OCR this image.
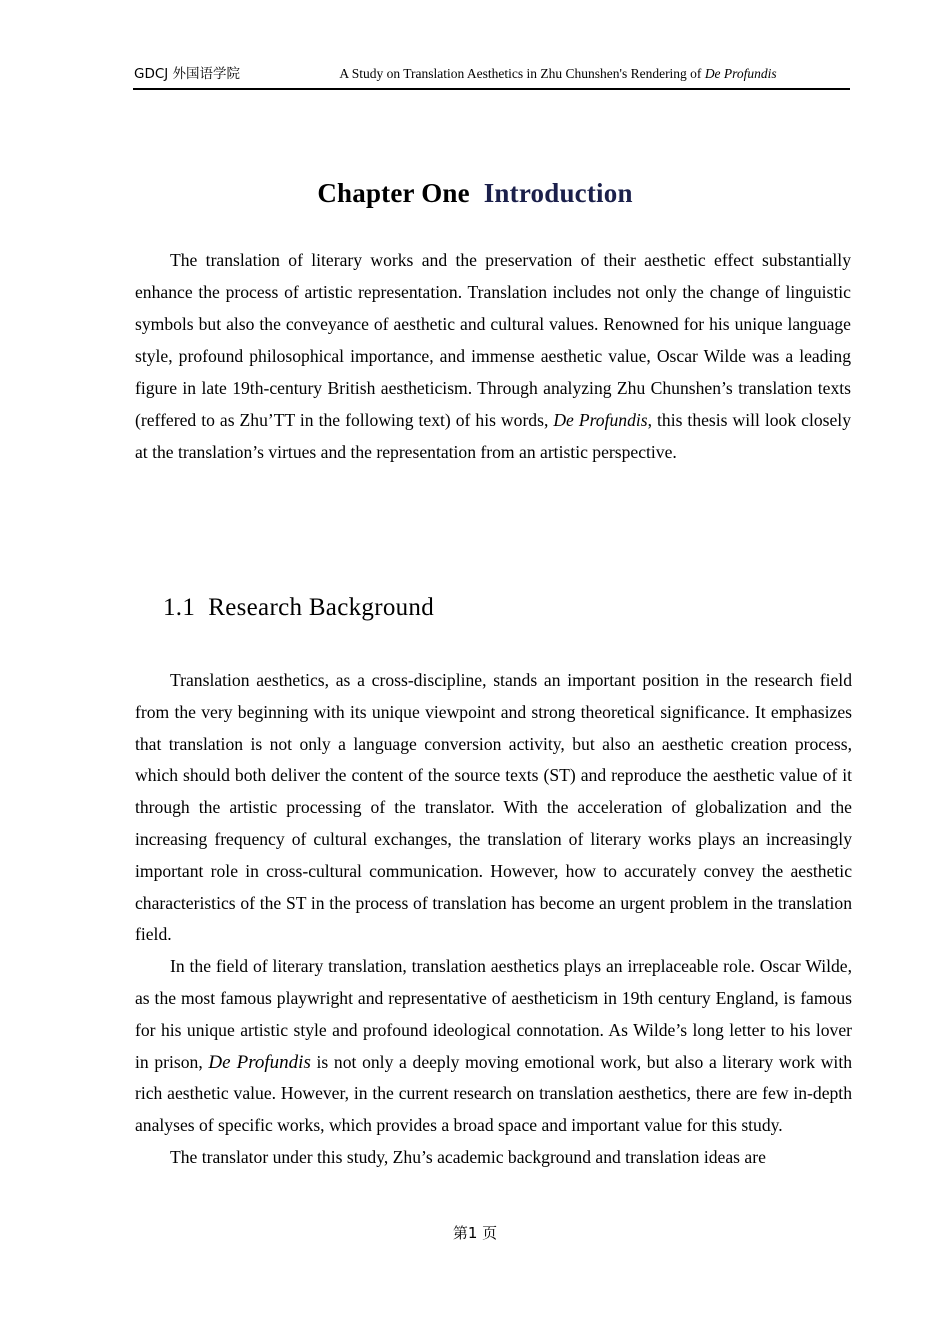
GDCJ 外国语学院	A Study on Translation Aesthetics in Zhu Chunshen's Rendering of De Profundis
Chapter One Introduction

The translation of literary works and the preservation of their aesthetic effect substantially enhance the process of artistic representation. Translation includes not only the change of linguistic symbols but also the conveyance of aesthetic and cultural values. Renowned for his unique language style, profound philosophical importance, and immense aesthetic value, Oscar Wilde was a leading figure in late 19th-century British aestheticism. Through analyzing Zhu Chunshen’s translation texts (reffered to as Zhu’TT in the following text) of his words, De Profundis, this thesis will look closely at the translation’s virtues and the representation from an artistic perspective.

1.1 Research Background

Translation aesthetics, as a cross-discipline, stands an important position in the research field from the very beginning with its unique viewpoint and strong theoretical significance. It emphasizes that translation is not only a language conversion activity, but also an aesthetic creation process, which should both deliver the content of the source texts (ST) and reproduce the aesthetic value of it through the artistic processing of the translator. With the acceleration of globalization and the increasing frequency of cultural exchanges, the translation of literary works plays an increasingly important role in cross-cultural communication. However, how to accurately convey the aesthetic characteristics of the ST in the process of translation has become an urgent problem in the translation field.

In the field of literary translation, translation aesthetics plays an irreplaceable role. Oscar Wilde, as the most famous playwright and representative of aestheticism in 19th century England, is famous for his unique artistic style and profound ideological connotation. As Wilde’s long letter to his lover in prison, De Profundis is not only a deeply moving emotional work, but also a literary work with rich aesthetic value. However, in the current research on translation aesthetics, there are few in-depth analyses of specific works, which provides a broad space and important value for this study.

The translator under this study, Zhu’s academic background and translation ideas are

第1 页
